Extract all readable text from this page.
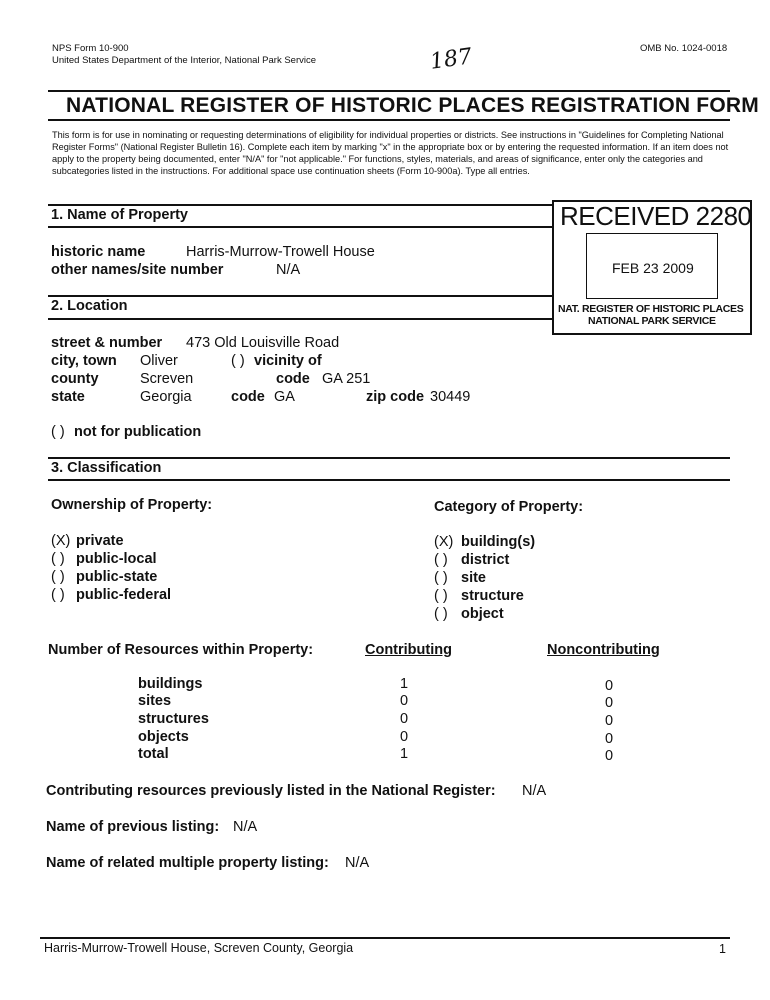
NPS Form 10-900
United States Department of the Interior, National Park Service	187	OMB No. 1024-0018
NATIONAL REGISTER OF HISTORIC PLACES REGISTRATION FORM
This form is for use in nominating or requesting determinations of eligibility for individual properties or districts. See instructions in "Guidelines for Completing National Register Forms" (National Register Bulletin 16). Complete each item by marking "x" in the appropriate box or by entering the requested information. If an item does not apply to the property being documented, enter "N/A" for "not applicable." For functions, styles, materials, and areas of significance, enter only the categories and subcategories listed in the instructions. For additional space use continuation sheets (Form 10-900a). Type all entries.
RECEIVED 2280
FEB 23 2009
NAT. REGISTER OF HISTORIC PLACES
NATIONAL PARK SERVICE
1. Name of Property
historic name	Harris-Murrow-Trowell House
other names/site number	N/A
2. Location
street & number 473 Old Louisville Road
city, town Oliver	( ) vicinity of
county	Screven	code GA 251
state	Georgia	code GA	zip code 30449
( ) not for publication
3. Classification
Ownership of Property:	Category of Property:
(X) private
( ) public-local
( ) public-state
( ) public-federal
(X) building(s)
( ) district
( ) site
( ) structure
( ) object
Number of Resources within Property:	Contributing	Noncontributing
buildings	1	0
sites	0	0
structures	0	0
objects	0	0
total	1	0
Contributing resources previously listed in the National Register: N/A
Name of previous listing: N/A
Name of related multiple property listing: N/A
Harris-Murrow-Trowell House, Screven County, Georgia	1
